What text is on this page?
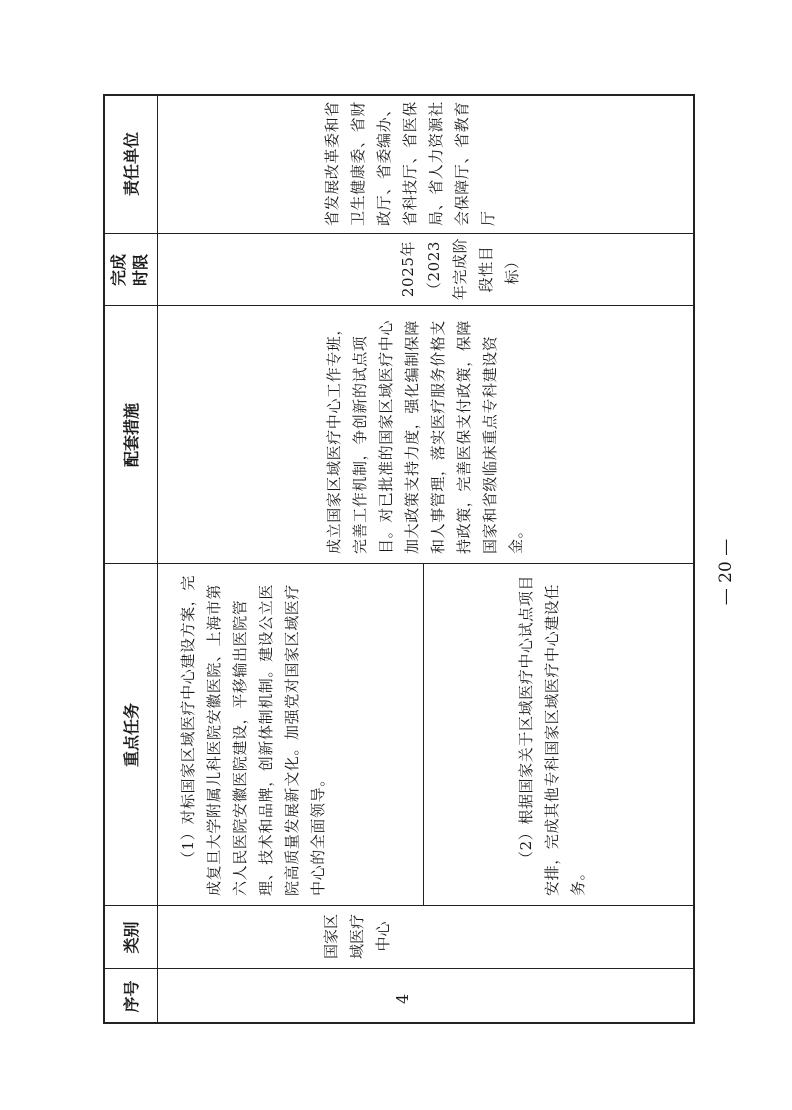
序号
类别
重点任务
配套措施
完成 时限
责任单位
4
国家区域医疗中心
（1）对标国家区域医疗中心建设方案，完成复旦大学附属儿科医院安徽医院、上海市第六人民医院安徽医院建设，平移输出医院管理、技术和品牌，创新体制机制。建设公立医院高质量发展新文化。加强党对国家区域医疗中心的全面领导。	（2）根据国家关于区域医疗中心试点项目安排，完成其他专科国家区域医疗中心建设任务。
成立国家区域医疗中心工作专班，完善工作机制，争创新的试点项目。对已批准的国家区域医疗中心加大政策支持力度，强化编制保障和人事管理，落实医疗服务价格支持政策，完善医保支付政策，保障国家和省级临床重点专科建设资金。
2025年（2023年完成阶段性目标）
省发展改革委和省卫生健康委、省财政厅、省委编办、省科技厅、省医保局、省人力资源社会保障厅、省教育厅
— 20 —
